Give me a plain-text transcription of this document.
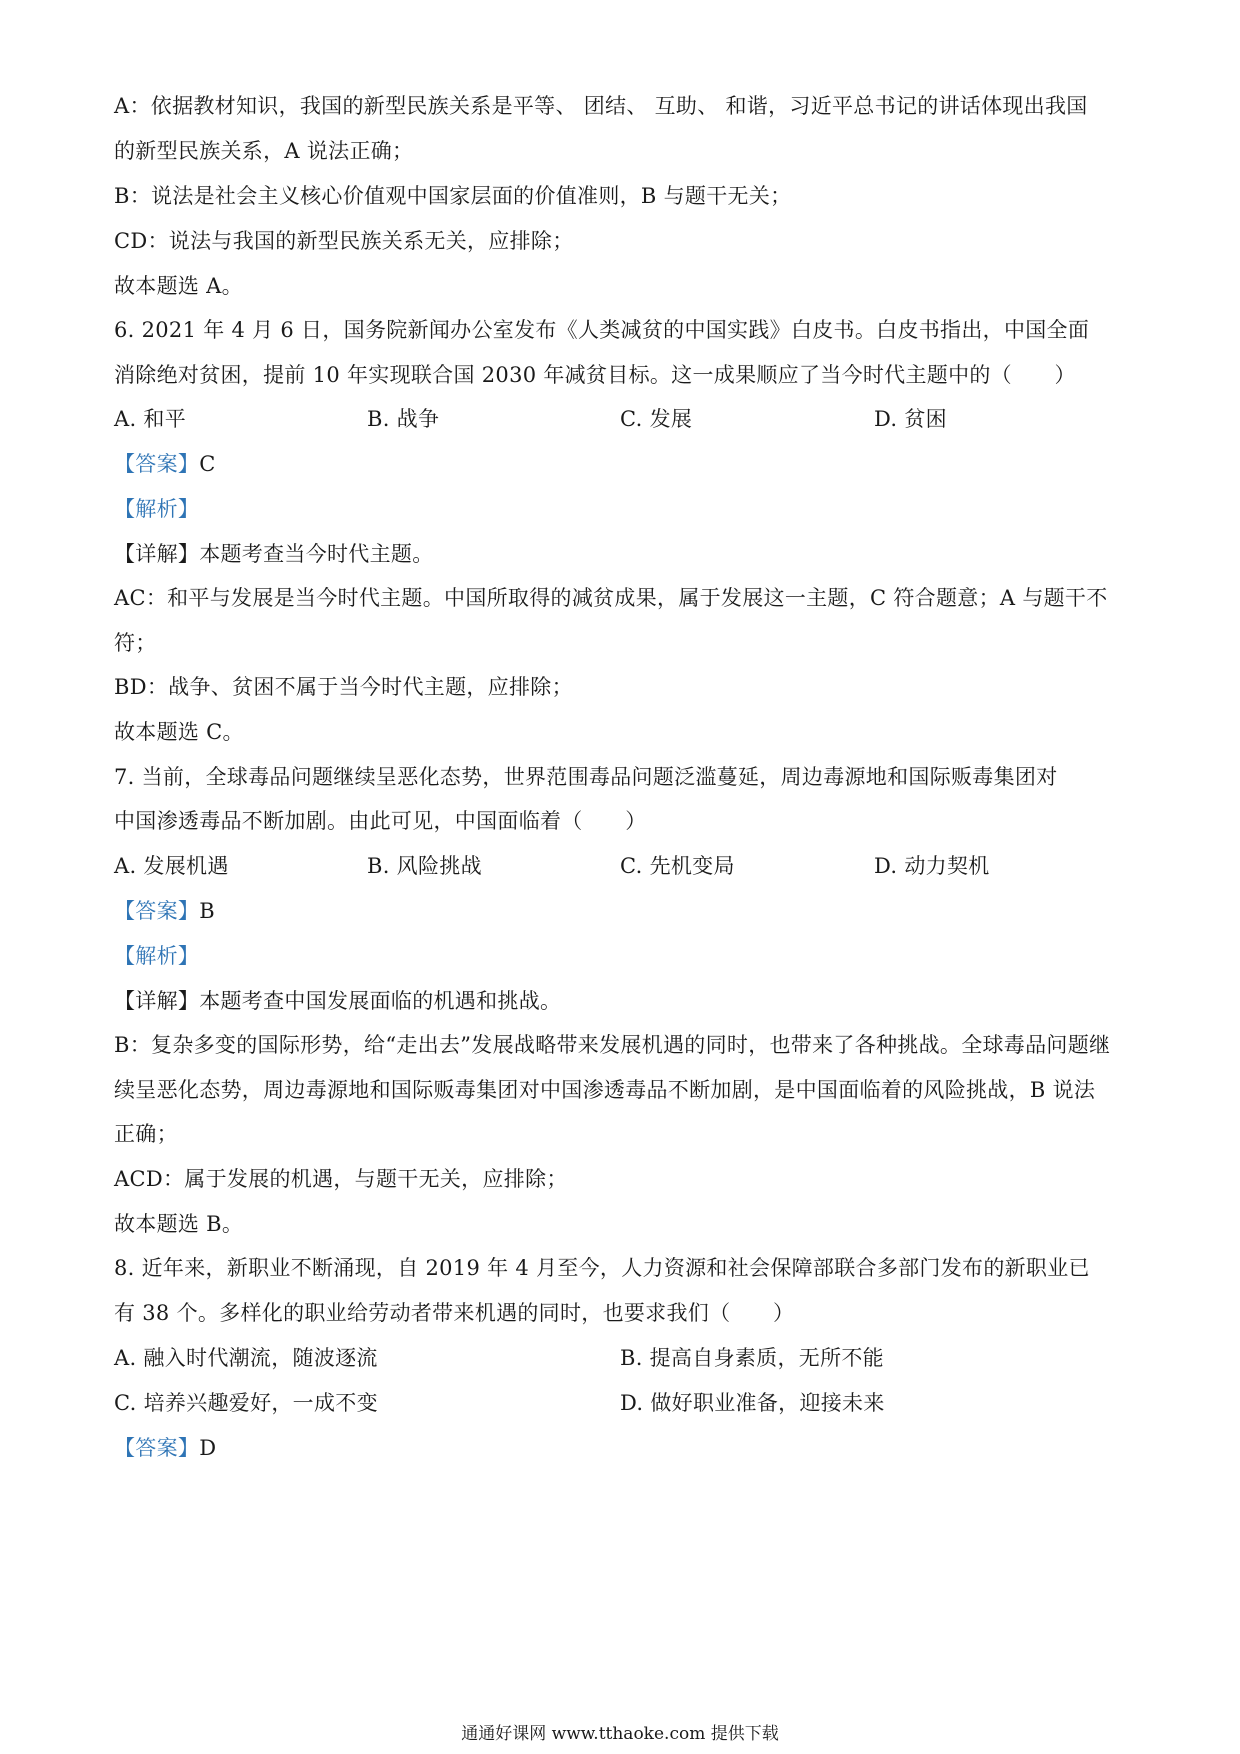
A：依据教材知识，我国的新型民族关系是平等、 团结、 互助、 和谐，习近平总书记的讲话体现出我国
的新型民族关系，A 说法正确；
B：说法是社会主义核心价值观中国家层面的价值准则，B 与题干无关；
CD：说法与我国的新型民族关系无关，应排除；
故本题选 A。
6. 2021 年 4 月 6 日，国务院新闻办公室发布《人类减贫的中国实践》白皮书。白皮书指出，中国全面
消除绝对贫困，提前 10 年实现联合国 2030 年减贫目标。这一成果顺应了当今时代主题中的（　　）
A. 和平	B. 战争	C. 发展	D. 贫困
【答案】C
【解析】
【详解】本题考查当今时代主题。
AC：和平与发展是当今时代主题。中国所取得的减贫成果，属于发展这一主题，C 符合题意；A 与题干不
符；
BD：战争、贫困不属于当今时代主题，应排除；
故本题选 C。
7. 当前，全球毒品问题继续呈恶化态势，世界范围毒品问题泛滥蔓延，周边毒源地和国际贩毒集团对
中国渗透毒品不断加剧。由此可见，中国面临着（　　）
A. 发展机遇	B. 风险挑战	C. 先机变局	D. 动力契机
【答案】B
【解析】
【详解】本题考查中国发展面临的机遇和挑战。
B：复杂多变的国际形势，给“走出去”发展战略带来发展机遇的同时，也带来了各种挑战。全球毒品问题继
续呈恶化态势，周边毒源地和国际贩毒集团对中国渗透毒品不断加剧，是中国面临着的风险挑战，B 说法
正确；
ACD：属于发展的机遇，与题干无关，应排除；
故本题选 B。
8. 近年来，新职业不断涌现，自 2019 年 4 月至今，人力资源和社会保障部联合多部门发布的新职业已
有 38 个。多样化的职业给劳动者带来机遇的同时，也要求我们（　　）
A. 融入时代潮流，随波逐流	B. 提高自身素质，无所不能
C. 培养兴趣爱好，一成不变	D. 做好职业准备，迎接未来
【答案】D
通通好课网 www.tthaoke.com 提供下载
